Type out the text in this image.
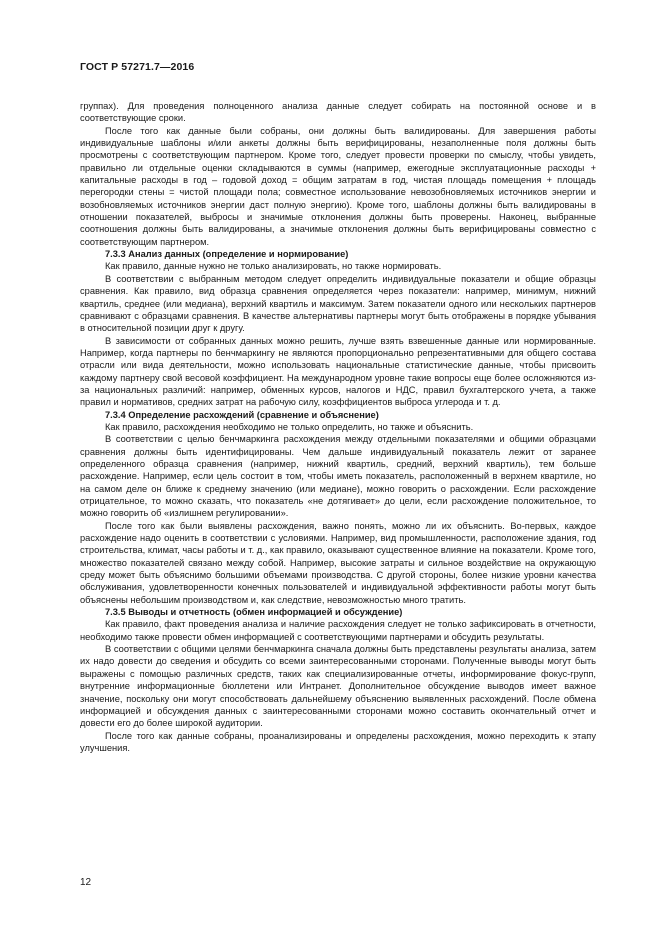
ГОСТ Р 57271.7—2016

группах). Для проведения полноценного анализа данные следует собирать на постоянной основе и в соответствующие сроки.

После того как данные были собраны, они должны быть валидированы. Для завершения работы индивидуальные шаблоны и/или анкеты должны быть верифицированы, незаполненные поля должны быть просмотрены с соответствующим партнером. Кроме того, следует провести проверки по смыслу, чтобы увидеть, правильно ли отдельные оценки складываются в суммы (например, ежегодные эксплуатационные расходы + капитальные расходы в год – годовой доход = общим затратам в год, чистая площадь помещения + площадь перегородки стены = чистой площади пола; совместное использование невозобновляемых источников энергии и возобновляемых источников энергии даст полную энергию). Кроме того, шаблоны должны быть валидированы в отношении показателей, выбросы и значимые отклонения должны быть проверены. Наконец, выбранные соотношения должны быть валидированы, а значимые отклонения должны быть верифицированы совместно с соответствующим партнером.

7.3.3 Анализ данных (определение и нормирование)

Как правило, данные нужно не только анализировать, но также нормировать.

В соответствии с выбранным методом следует определить индивидуальные показатели и общие образцы сравнения. Как правило, вид образца сравнения определяется через показатели: например, минимум, нижний квартиль, среднее (или медиана), верхний квартиль и максимум. Затем показатели одного или нескольких партнеров сравнивают с образцами сравнения. В качестве альтернативы партнеры могут быть отображены в порядке убывания в относительной позиции друг к другу.

В зависимости от собранных данных можно решить, лучше взять взвешенные данные или нормированные. Например, когда партнеры по бенчмаркингу не являются пропорционально репрезентативными для общего состава отрасли или вида деятельности, можно использовать национальные статистические данные, чтобы присвоить каждому партнеру свой весовой коэффициент. На международном уровне такие вопросы еще более осложняются из-за национальных различий: например, обменных курсов, налогов и НДС, правил бухгалтерского учета, а также правил и нормативов, средних затрат на рабочую силу, коэффициентов выброса углерода и т. д.

7.3.4 Определение расхождений (сравнение и объяснение)

Как правило, расхождения необходимо не только определить, но также и объяснить.

В соответствии с целью бенчмаркинга расхождения между отдельными показателями и общими образцами сравнения должны быть идентифицированы. Чем дальше индивидуальный показатель лежит от заранее определенного образца сравнения (например, нижний квартиль, средний, верхний квартиль), тем больше расхождение. Например, если цель состоит в том, чтобы иметь показатель, расположенный в верхнем квартиле, но на самом деле он ближе к среднему значению (или медиане), можно говорить о расхождении. Если расхождение отрицательное, то можно сказать, что показатель «не дотягивает» до цели, если расхождение положительное, то можно говорить об «излишнем регулировании».

После того как были выявлены расхождения, важно понять, можно ли их объяснить. Во-первых, каждое расхождение надо оценить в соответствии с условиями. Например, вид промышленности, расположение здания, год строительства, климат, часы работы и т. д., как правило, оказывают существенное влияние на показатели. Кроме того, множество показателей связано между собой. Например, высокие затраты и сильное воздействие на окружающую среду может быть объяснимо большими объемами производства. С другой стороны, более низкие уровни качества обслуживания, удовлетворенности конечных пользователей и индивидуальной эффективности работы могут быть объяснены небольшим производством и, как следствие, невозможностью много тратить.

7.3.5 Выводы и отчетность (обмен информацией и обсуждение)

Как правило, факт проведения анализа и наличие расхождения следует не только зафиксировать в отчетности, необходимо также провести обмен информацией с соответствующими партнерами и обсудить результаты.

В соответствии с общими целями бенчмаркинга сначала должны быть представлены результаты анализа, затем их надо довести до сведения и обсудить со всеми заинтересованными сторонами. Полученные выводы могут быть выражены с помощью различных средств, таких как специализированные отчеты, информирование фокус-групп, внутренние информационные бюллетени или Интранет. Дополнительное обсуждение выводов имеет важное значение, поскольку они могут способствовать дальнейшему объяснению выявленных расхождений. После обмена информацией и обсуждения данных с заинтересованными сторонами можно составить окончательный отчет и довести его до более широкой аудитории.

После того как данные собраны, проанализированы и определены расхождения, можно переходить к этапу улучшения.

12
